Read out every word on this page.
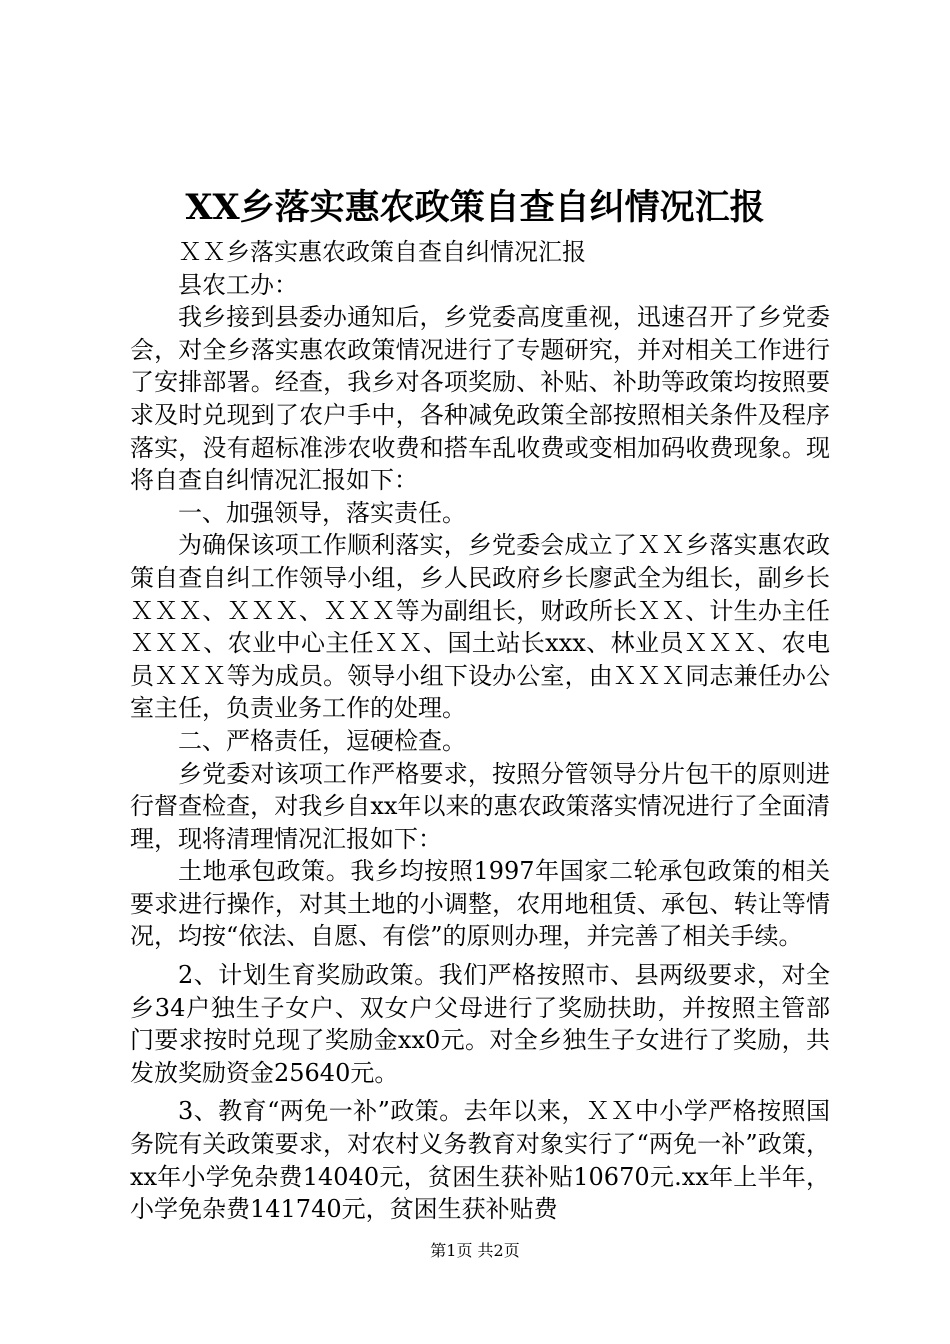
XX乡落实惠农政策自查自纠情况汇报

ＸＸ乡落实惠农政策自查自纠情况汇报

县农工办：

我乡接到县委办通知后，乡党委高度重视，迅速召开了乡党委会，对全乡落实惠农政策情况进行了专题研究，并对相关工作进行了安排部署。经查，我乡对各项奖励、补贴、补助等政策均按照要求及时兑现到了农户手中，各种减免政策全部按照相关条件及程序落实，没有超标准涉农收费和搭车乱收费或变相加码收费现象。现将自查自纠情况汇报如下：

一、加强领导，落实责任。

为确保该项工作顺利落实，乡党委会成立了ＸＸ乡落实惠农政策自查自纠工作领导小组，乡人民政府乡长廖武全为组长，副乡长ＸＸＸ、ＸＸＸ、ＸＸＸ等为副组长，财政所长ＸＸ、计生办主任ＸＸＸ、农业中心主任ＸＸ、国土站长xxx、林业员ＸＸＸ、农电员ＸＸＸ等为成员。领导小组下设办公室，由ＸＸＸ同志兼任办公室主任，负责业务工作的处理。

二、严格责任，逗硬检查。

乡党委对该项工作严格要求，按照分管领导分片包干的原则进行督查检查，对我乡自xx年以来的惠农政策落实情况进行了全面清理，现将清理情况汇报如下：

土地承包政策。我乡均按照1997年国家二轮承包政策的相关要求进行操作，对其土地的小调整，农用地租赁、承包、转让等情况，均按“依法、自愿、有偿”的原则办理，并完善了相关手续。

2、计划生育奖励政策。我们严格按照市、县两级要求，对全乡34户独生子女户、双女户父母进行了奖励扶助，并按照主管部门要求按时兑现了奖励金xx0元。对全乡独生子女进行了奖励，共发放奖励资金25640元。

3、教育“两免一补”政策。去年以来，ＸＸ中小学严格按照国务院有关政策要求，对农村义务教育对象实行了“两免一补”政策，xx年小学免杂费14040元，贫困生获补贴10670元.xx年上半年，小学免杂费141740元，贫困生获补贴费

第1页 共2页
